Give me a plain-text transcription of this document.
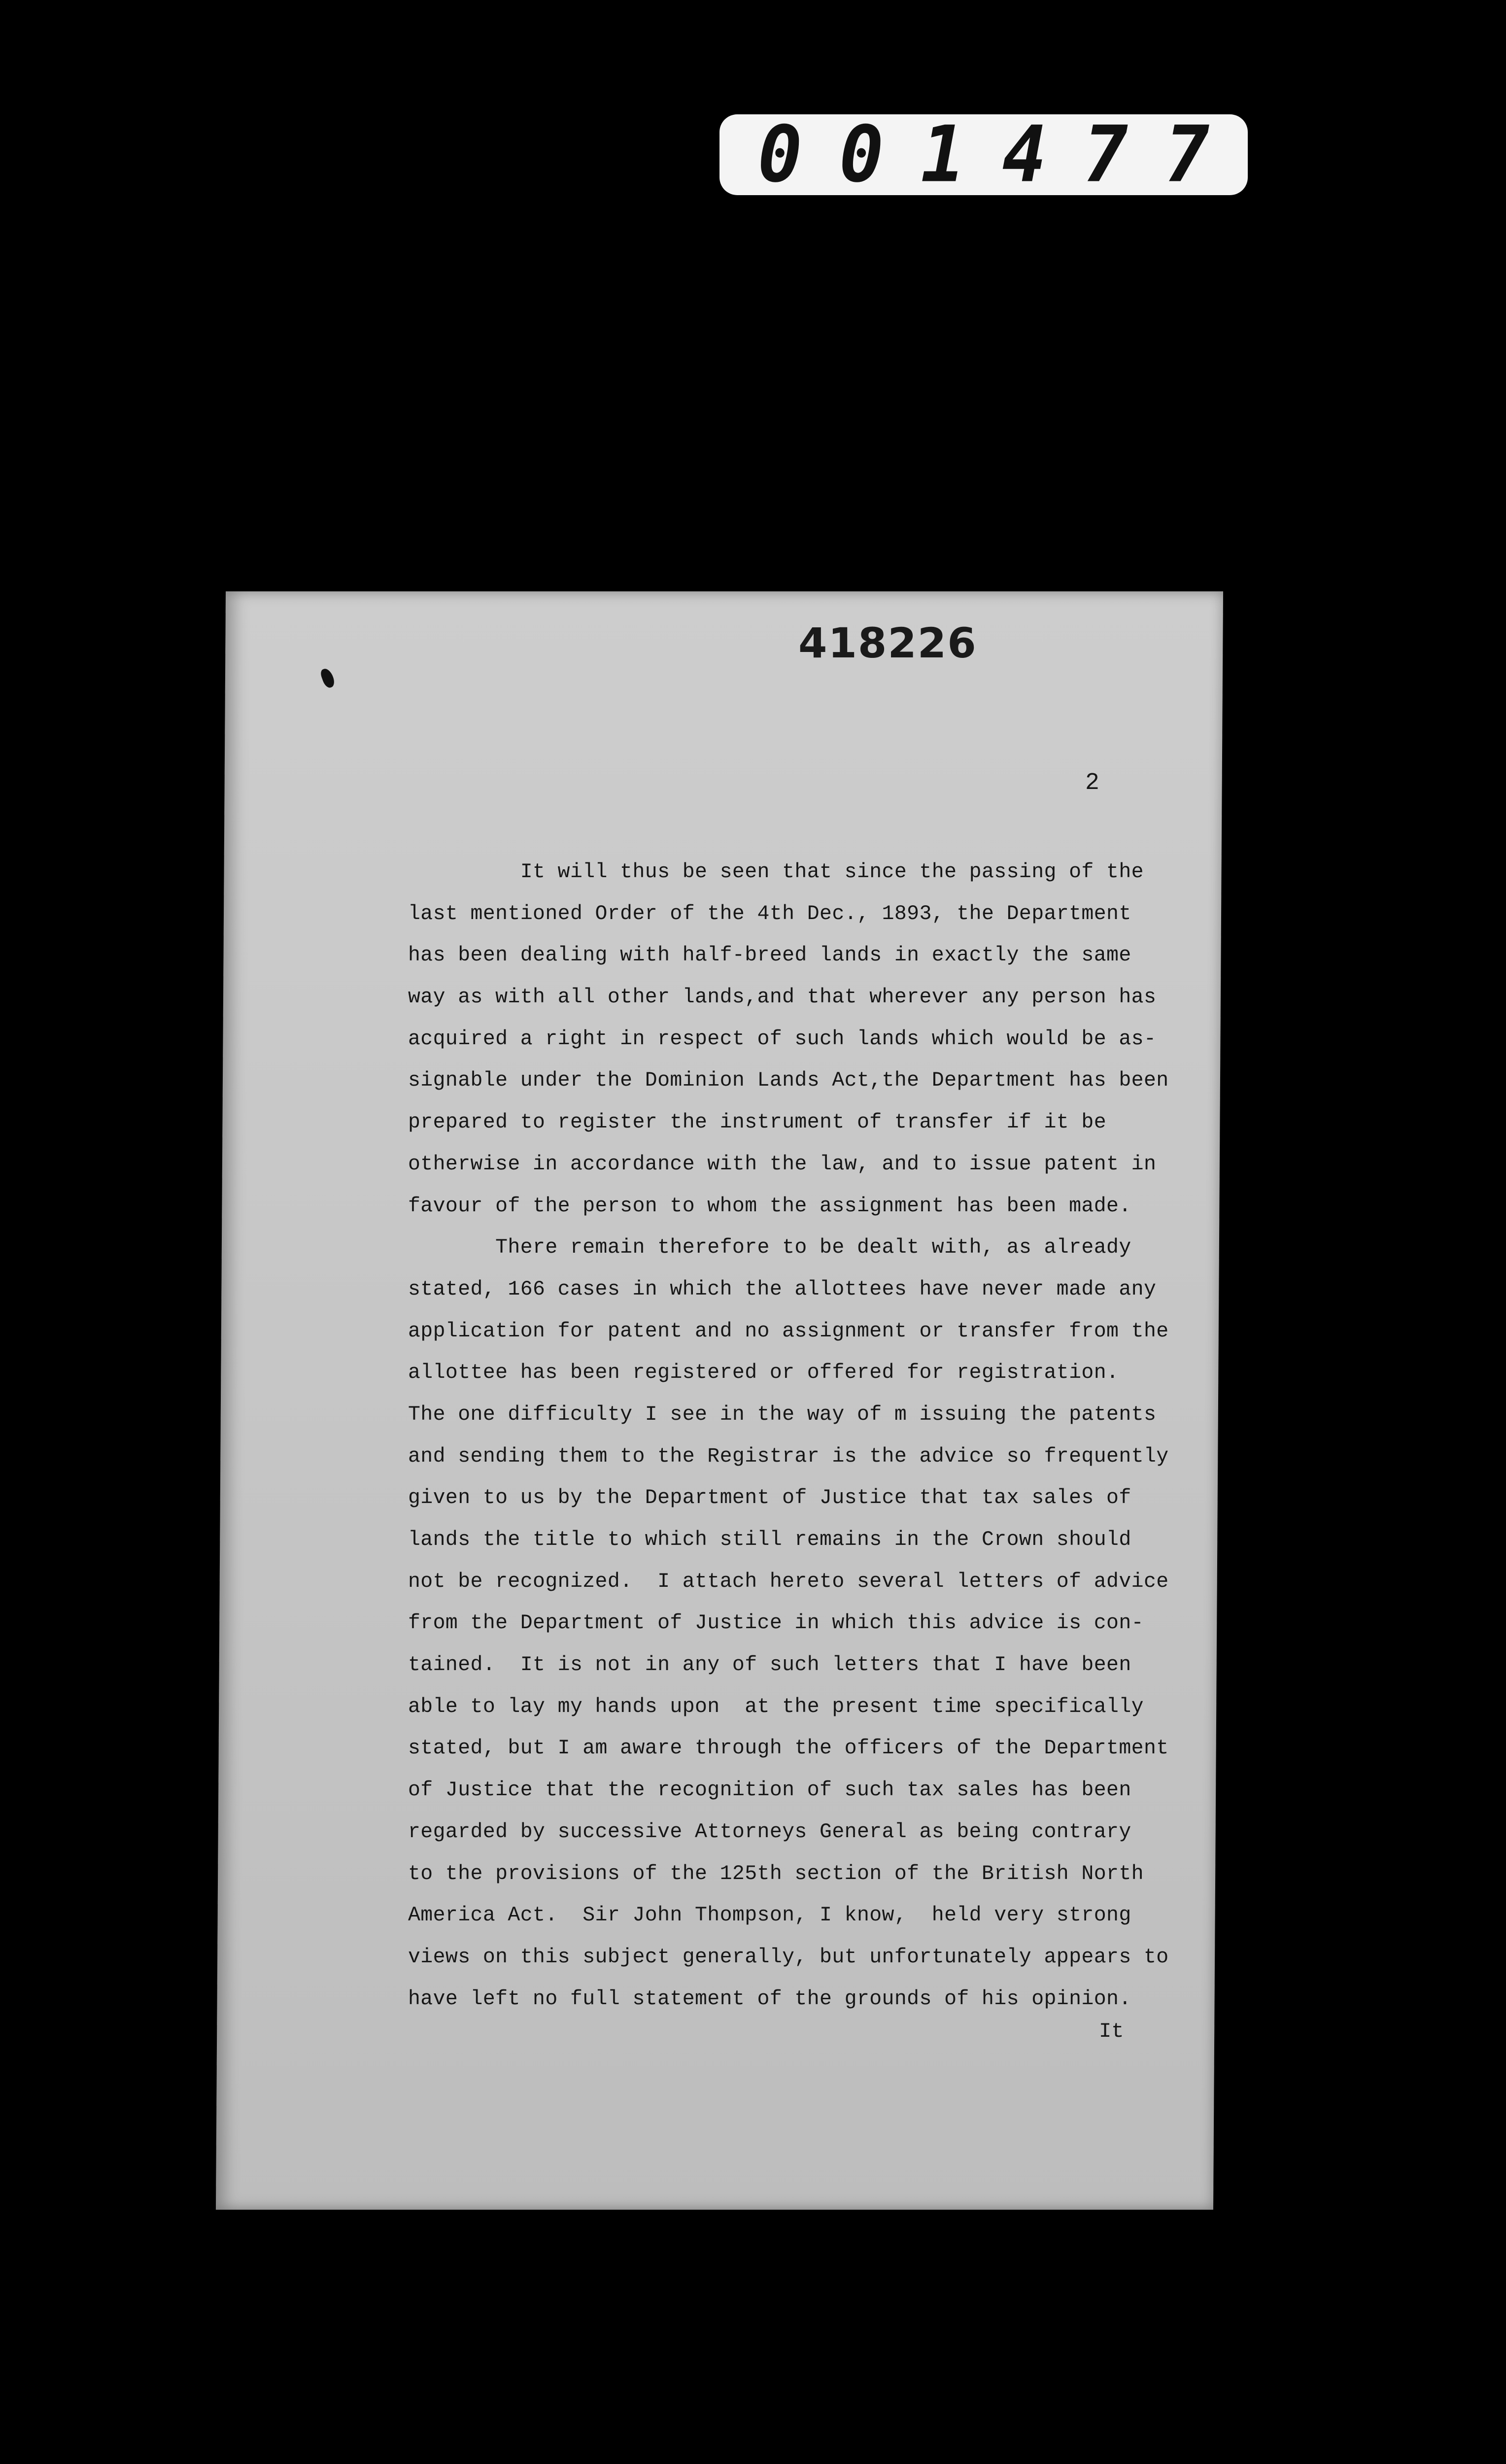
0 0 1 4 7 7
418226
2
It will thus be seen that since the passing of the
last mentioned Order of the 4th Dec., 1893, the Department
has been dealing with half-breed lands in exactly the same
way as with all other lands,and that wherever any person has
acquired a right in respect of such lands which would be as-
signable under the Dominion Lands Act,the Department has been
prepared to register the instrument of transfer if it be
otherwise in accordance with the law, and to issue patent in
favour of the person to whom the assignment has been made.
There remain therefore to be dealt with, as already
stated, 166 cases in which the allottees have never made any
application for patent and no assignment or transfer from the
allottee has been registered or offered for registration.
The one difficulty I see in the way of m issuing the patents
and sending them to the Registrar is the advice so frequently
given to us by the Department of Justice that tax sales of
lands the title to which still remains in the Crown should
not be recognized.  I attach hereto several letters of advice
from the Department of Justice in which this advice is con-
tained.  It is not in any of such letters that I have been
able to lay my hands upon  at the present time specifically
stated, but I am aware through the officers of the Department
of Justice that the recognition of such tax sales has been
regarded by successive Attorneys General as being contrary
to the provisions of the 125th section of the British North
America Act.  Sir John Thompson, I know,  held very strong
views on this subject generally, but unfortunately appears to
have left no full statement of the grounds of his opinion.
It
